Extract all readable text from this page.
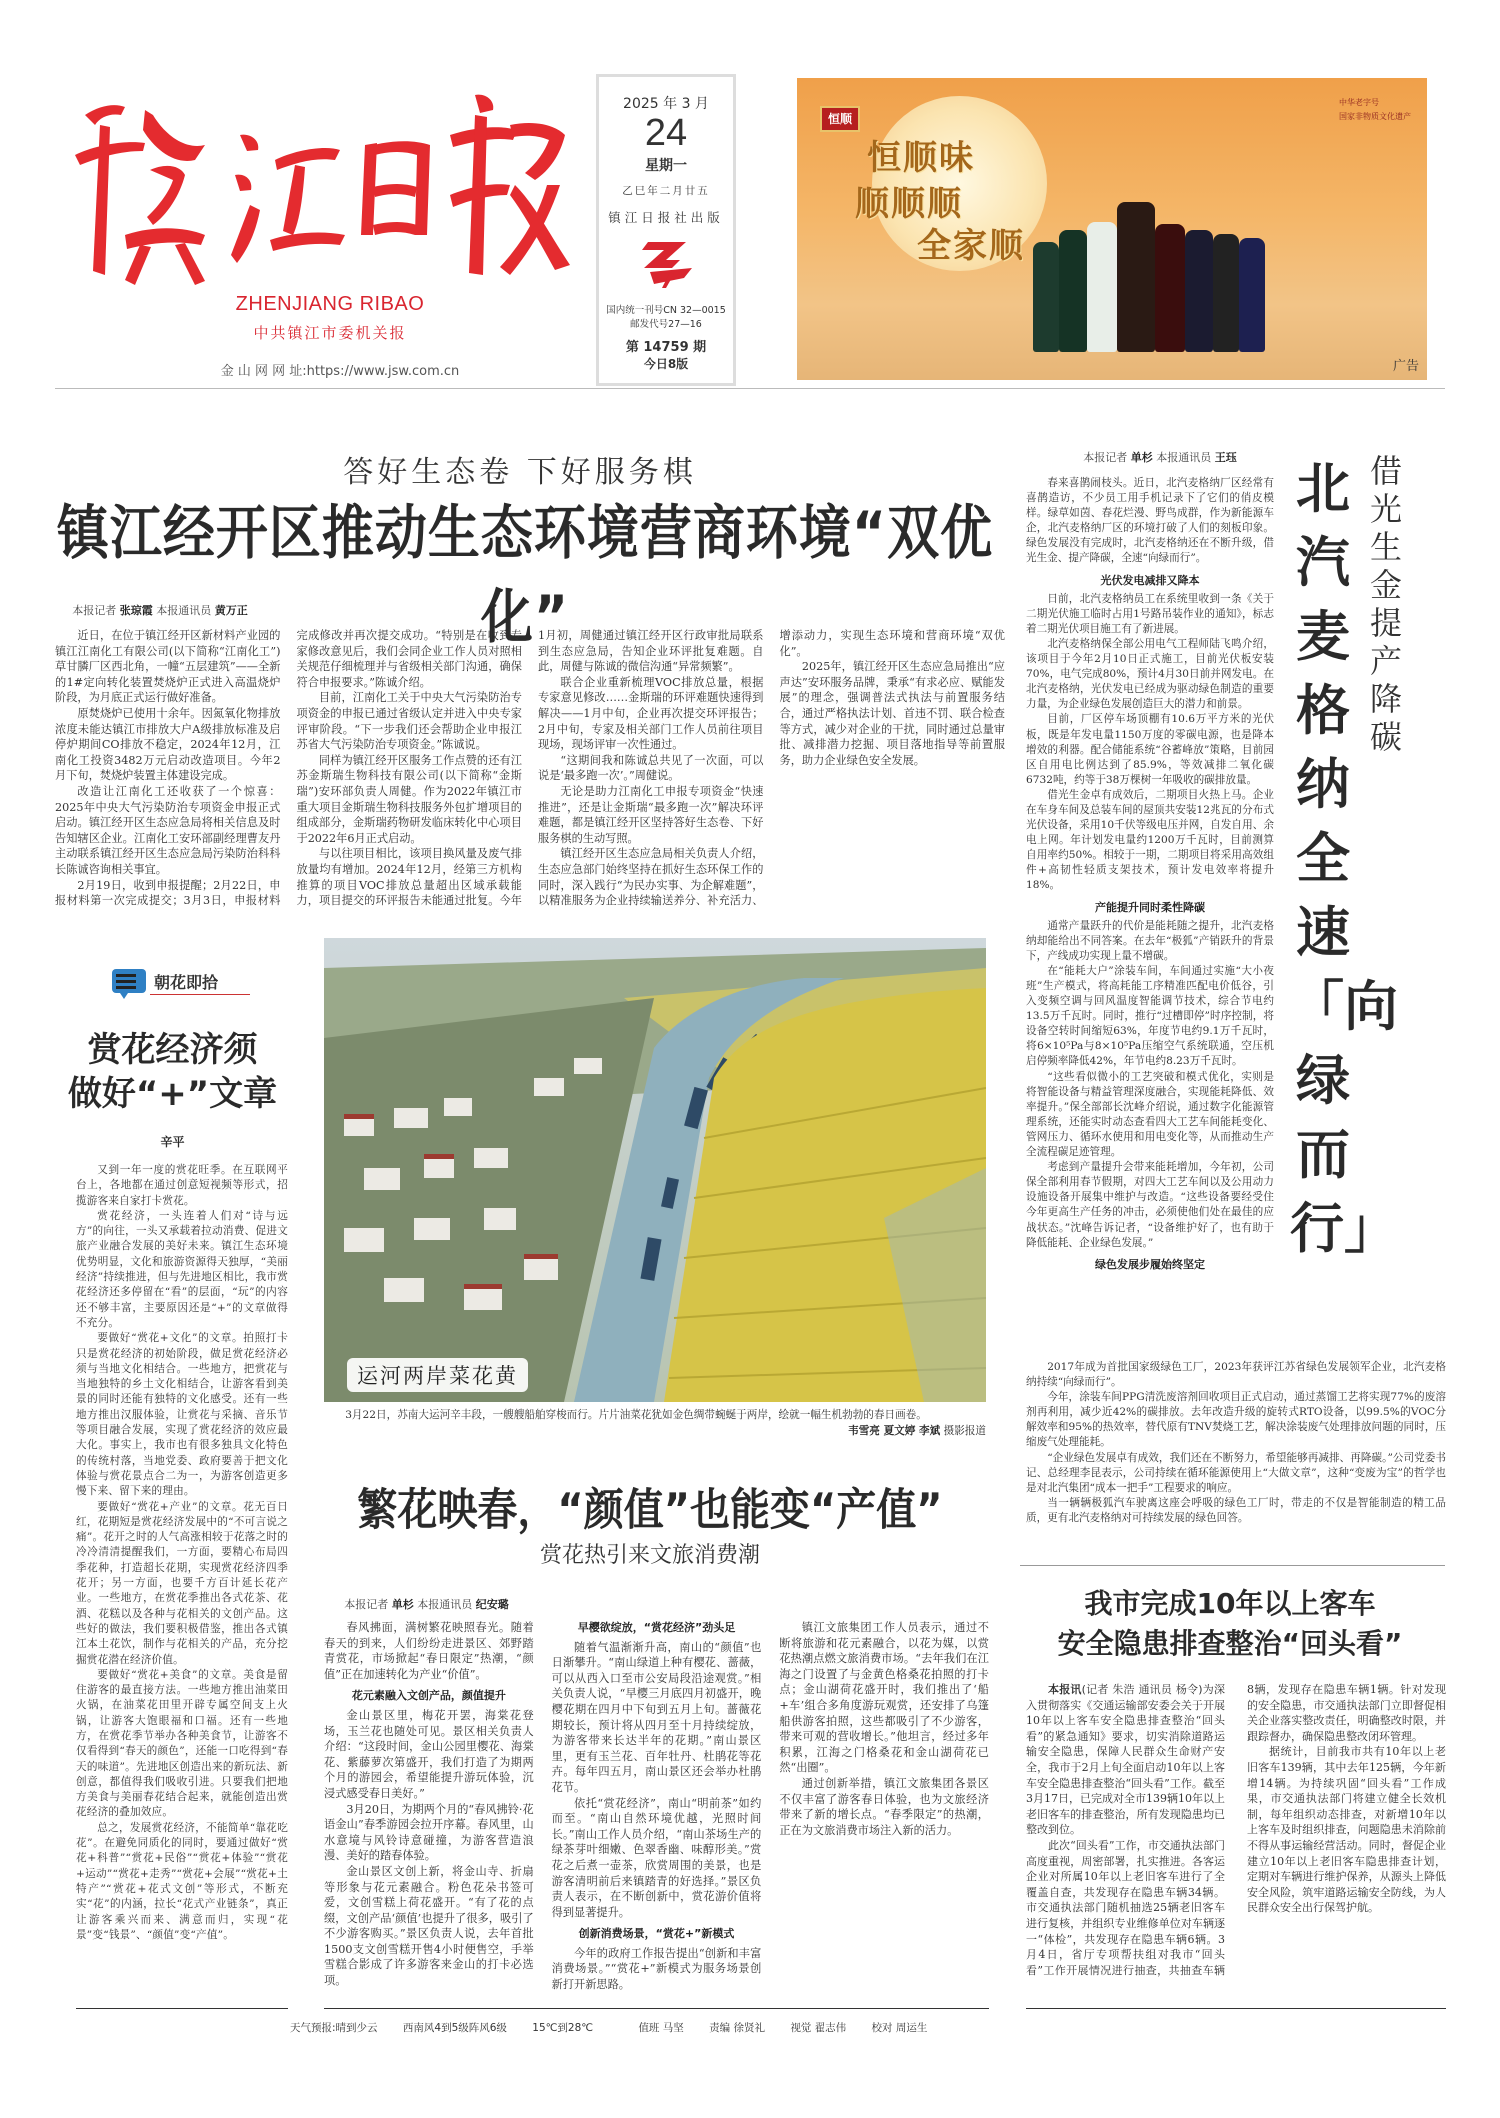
ZHENJIANG RIBAO
中共镇江市委机关报
金 山 网 网 址:https://www.jsw.com.cn
2025 年 3 月
24
星期一
乙巳年二月廿五
镇江日报社出版
国内统一刊号CN 32—0015
邮发代号27—16
第 14759 期
今日8版
恒顺
恒顺味
顺顺顺
全家顺
中华老字号
国家非物质文化遗产
广告
答好生态卷 下好服务棋
镇江经开区推动生态环境营商环境“双优化”
本报记者 张琼霞 本报通讯员 黄万正

近日，在位于镇江经开区新材料产业园的镇江江南化工有限公司(以下简称“江南化工”)草甘膦厂区西北角，一幢“五层建筑”——全新的1#定向转化装置焚烧炉正式进入高温烧炉阶段，为月底正式运行做好准备。

原焚烧炉已使用十余年。因氮氧化物排放浓度未能达镇江市排放大户A级排放标准及启停炉期间CO排放不稳定，2024年12月，江南化工投资3482万元启动改造项目。今年2月下旬，焚烧炉装置主体建设完成。

改造让江南化工还收获了一个惊喜：2025年中央大气污染防治专项资金申报正式启动。镇江经开区生态应急局将相关信息及时告知辖区企业。江南化工安环部副经理曹友丹主动联系镇江经开区生态应急局污染防治科科长陈诚咨询相关事宜。

2月19日，收到申报提醒；2月22日，申报材料第一次完成提交；3月3日，申报材料完成修改并再次提交成功。“特别是在收到专家修改意见后，我们会同企业工作人员对照相关规范仔细梳理并与省级相关部门沟通，确保符合申报要求。”陈诚介绍。

目前，江南化工关于中央大气污染防治专项资金的申报已通过省级认定并进入中央专家评审阶段。“下一步我们还会帮助企业申报江苏省大气污染防治专项资金。”陈诚说。

同样为镇江经开区服务工作点赞的还有江苏金斯瑞生物科技有限公司(以下简称“金斯瑞”)安环部负责人周健。作为2022年镇江市重大项目金斯瑞生物科技服务外包扩增项目的组成部分，金斯瑞药物研发临床转化中心项目于2022年6月正式启动。

与以往项目相比，该项目换风量及废气排放量均有增加。2024年12月，经第三方机构推算的项目VOC排放总量超出区域承载能力，项目提交的环评报告未能通过批复。今年1月初，周健通过镇江经开区行政审批局联系到生态应急局，告知企业环评批复难题。自此，周健与陈诚的微信沟通“异常频繁”。

联合企业重新梳理VOC排放总量，根据专家意见修改……金斯瑞的环评难题快速得到解决——1月中旬，企业再次提交环评报告；2月中旬，专家及相关部门工作人员前往项目现场，现场评审一次性通过。

“这期间我和陈诚总共见了一次面，可以说是‘最多跑一次’。”周健说。

无论是助力江南化工申报专项资金“快速推进”，还是让金斯瑞“最多跑一次”解决环评难题，都是镇江经开区坚持答好生态卷、下好服务棋的生动写照。

镇江经开区生态应急局相关负责人介绍，生态应急部门始终坚持在抓好生态环保工作的同时，深入践行“为民办实事、为企解难题”，以精准服务为企业持续输送养分、补充活力、增添动力，实现生态环境和营商环境“双优化”。

2025年，镇江经开区生态应急局推出“应声达”安环服务品牌，秉承“有求必应、赋能发展”的理念，强调普法式执法与前置服务结合，通过严格执法计划、首违不罚、联合检查等方式，减少对企业的干扰，同时通过总量审批、减排潜力挖掘、项目落地指导等前置服务，助力企业绿色安全发展。

朝花即拾
赏花经济须
做好“+”文章
辛平

又到一年一度的赏花旺季。在互联网平台上，各地都在通过创意短视频等形式，招揽游客来自家打卡赏花。

赏花经济，一头连着人们对“诗与远方”的向往，一头又承载着拉动消费、促进文旅产业融合发展的美好未来。镇江生态环境优势明显，文化和旅游资源得天独厚，“美丽经济”持续推进，但与先进地区相比，我市赏花经济还多停留在“看”的层面，“玩”的内容还不够丰富，主要原因还是“+”的文章做得不充分。

要做好“赏花+文化”的文章。拍照打卡只是赏花经济的初始阶段，做足赏花经济必须与当地文化相结合。一些地方，把赏花与当地独特的乡土文化相结合，让游客看到美景的同时还能有独特的文化感受。还有一些地方推出汉服体验，让赏花与采摘、音乐节等项目融合发展，实现了赏花经济的效应最大化。事实上，我市也有很多独具文化特色的传统村落，当地党委、政府要善于把文化体验与赏花景点合二为一，为游客创造更多慢下来、留下来的理由。

要做好“赏花+产业”的文章。花无百日红，花期短是赏花经济发展中的“不可言说之痛”。花开之时的人气高涨相较于花落之时的冷冷清清提醒我们，一方面，要精心布局四季花种，打造超长花期，实现赏花经济四季花开；另一方面，也要千方百计延长花产业。一些地方，在赏花季推出各式花茶、花酒、花糕以及各种与花相关的文创产品。这些好的做法，我们要积极借鉴，推出各式镇江本土花饮，制作与花相关的产品，充分挖掘赏花潜在经济价值。

要做好“赏花+美食”的文章。美食是留住游客的最直接方法。一些地方推出油菜田火锅，在油菜花田里开辟专属空间支上火锅，让游客大饱眼福和口福。还有一些地方，在赏花季节举办各种美食节，让游客不仅看得到“春天的颜色”，还能一口吃得到“春天的味道”。先进地区创造出来的新玩法、新创意，都值得我们吸收引进。只要我们把地方美食与美丽春花结合起来，就能创造出赏花经济的叠加效应。

总之，发展赏花经济，不能简单“靠花吃花”。在避免同质化的同时，要通过做好“赏花+科普”“赏花+民俗”“赏花+体验”“赏花+运动”“赏花+走秀”“赏花+会展”“赏花+土特产”“赏花+花式文创”等形式，不断充实“花”的内涵，拉长“花式产业链条”，真正让游客乘兴而来、满意而归，实现“花景”变“钱景”、“颜值”变“产值”。

运河两岸菜花黄

3月22日，苏南大运河辛丰段，一艘艘船舶穿梭而行。片片油菜花犹如金色绸带蜿蜒于两岸，绘就一幅生机勃勃的春日画卷。

韦雪亮 夏文婷 李斌 摄影报道
繁花映春，“颜值”也能变“产值”
赏花热引来文旅消费潮
本报记者 单杉 本报通讯员 纪安璐

春风拂面，满树繁花映照春光。随着春天的到来，人们纷纷走进景区、郊野踏青赏花，市场掀起“春日限定”热潮，“颜值”正在加速转化为产业“价值”。

花元素融入文创产品，颜值提升

金山景区里，梅花开罢，海棠花登场，玉兰花也随处可见。景区相关负责人介绍：“这段时间，金山公园里樱花、海棠花、紫藤萝次第盛开，我们打造了为期两个月的游园会，希望能提升游玩体验，沉浸式感受春日美好。”

3月20日，为期两个月的“春风拂铃·花语金山”春季游园会拉开序幕。春风里，山水意境与风铃诗意碰撞，为游客营造浪漫、美好的踏春体验。

金山景区文创上新，将金山寺、折扇等形象与花元素融合。粉色花朵书签可爱，文创雪糕上荷花盛开。“有了花的点缀，文创产品‘颜值’也提升了很多，吸引了不少游客购买。”景区负责人说，去年首批1500支文创雪糕开售4小时便售空，手举雪糕合影成了许多游客来金山的打卡必选项。

早樱欲绽放，“赏花经济”劲头足

随着气温渐渐升高，南山的“颜值”也日渐攀升。“南山绿道上种有樱花、蔷薇，可以从西入口至市公安局段沿途观赏。”相关负责人说，“早樱三月底四月初盛开，晚樱花期在四月中下旬到五月上旬。蔷薇花期较长，预计将从四月至十月持续绽放，为游客带来长达半年的花期。”南山景区里，更有玉兰花、百年牡丹、杜鹃花等花卉。每年四五月，南山景区还会举办杜鹃花节。

依托“赏花经济”，南山“明前茶”如约而至。“南山自然环境优越，光照时间长。”南山工作人员介绍，“南山茶场生产的绿茶芽叶细嫩、色翠香幽、味醇形美。”赏花之后煮一壶茶，欣赏周围的美景，也是游客清明前后来镇踏青的好选择。”景区负责人表示，在不断创新中，赏花游价值将得到显著提升。

创新消费场景，“赏花+”新模式

今年的政府工作报告提出“创新和丰富消费场景。”“赏花+”新模式为服务场景创新打开新思路。

镇江文旅集团工作人员表示，通过不断将旅游和花元素融合，以花为媒，以赏花热潮点燃文旅消费市场。“去年我们在江海之门设置了与金黄色格桑花拍照的打卡点；金山湖荷花盛开时，我们推出了‘船+车’组合多角度游玩观赏，还安排了乌篷船供游客拍照，这些都吸引了不少游客，带来可观的营收增长。”他坦言，经过多年积累，江海之门格桑花和金山湖荷花已然“出圈”。

通过创新举措，镇江文旅集团各景区不仅丰富了游客春日体验，也为文旅经济带来了新的增长点。“春季限定”的热潮，正在为文旅消费市场注入新的活力。

本报记者 单杉 本报通讯员 王珏	北汽麦格纳全速「向绿而行」
借光生金 提产降碳

春来喜鹊闹枝头。近日，北汽麦格纳厂区经常有喜鹊造访，不少员工用手机记录下了它们的俏皮模样。绿草如茵、春花烂漫、野鸟成群，作为新能源车企，北汽麦格纳厂区的环境打破了人们的刻板印象。绿色发展没有完成时，北汽麦格纳还在不断升级，借光生金、提产降碳，全速“向绿而行”。

光伏发电减排又降本

日前，北汽麦格纳员工在系统里收到一条《关于二期光伏施工临时占用1号路吊装作业的通知》，标志着二期光伏项目施工有了新进展。

北汽麦格纳保全部公用电气工程师陆飞鸣介绍，该项目于今年2月10日正式施工，目前光伏板安装70%，电气完成80%，预计4月30日前并网发电。在北汽麦格纳，光伏发电已经成为驱动绿色制造的重要力量，为企业绿色发展创造巨大的潜力和前景。

目前，厂区停车场顶棚有10.6万平方米的光伏板，既是年发电量1150万度的零碳电源，也是降本增效的利器。配合储能系统“谷蓄峰放”策略，目前园区自用电比例达到了85.9%，等效减排二氧化碳6732吨，约等于38万棵树一年吸收的碳排放量。

借光生金卓有成效后，二期项目火热上马。企业在车身车间及总装车间的屋顶共安装12兆瓦的分布式光伏设备，采用10千伏等级电压并网，自发自用、余电上网。年计划发电量约1200万千瓦时，目前测算自用率约50%。相较于一期，二期项目将采用高效组件+高韧性轻质支架技术，预计发电效率将提升18%。

产能提升同时柔性降碳

通常产量跃升的代价是能耗随之提升，北汽麦格纳却能给出不同答案。在去年“极狐”产销跃升的背景下，产线成功实现上量不增碳。

在“能耗大户”涂装车间，车间通过实施“大小夜班”生产模式，将高耗能工序精准匹配电价低谷，引入变频空调与回风温度智能调节技术，综合节电约13.5万千瓦时。同时，推行“过槽即停”时序控制，将设备空转时间缩短63%，年度节电约9.1万千瓦时，将6×10⁵Pa与8×10⁵Pa压缩空气系统联通，空压机启停频率降低42%，年节电约8.23万千瓦时。

“这些看似微小的工艺突破和模式优化，实则是将智能设备与精益管理深度融合，实现能耗降低、效率提升。”保全部部长沈峰介绍说，通过数字化能源管理系统，还能实时动态查看四大工艺车间能耗变化、管网压力、循环水使用和用电变化等，从而推动生产全流程碳足迹管理。

考虑到产量提升会带来能耗增加，今年初，公司保全部利用春节假期，对四大工艺车间以及公用动力设施设备开展集中维护与改造。“这些设备要经受住今年更高生产任务的冲击，必须使他们处在最佳的应战状态。”沈峰告诉记者，“设备维护好了，也有助于降低能耗、企业绿色发展。”

绿色发展步履始终坚定

2017年成为首批国家级绿色工厂，2023年获评江苏省绿色发展领军企业，北汽麦格纳持续“向绿而行”。

今年，涂装车间PPG清洗废溶剂回收项目正式启动，通过蒸馏工艺将实现77%的废溶剂再利用，减少近42%的碳排放。去年改造升级的旋转式RTO设备，以99.5%的VOC分解效率和95%的热效率，替代原有TNV焚烧工艺，解决涂装废气处理排放问题的同时，压缩废气处理能耗。

“企业绿色发展卓有成效，我们还在不断努力，希望能够再减排、再降碳。”公司党委书记、总经理李昆表示，公司持续在循环能源使用上“大做文章”，这种“变废为宝”的哲学也是对北汽集团“成本一把手”工程要求的响应。

当一辆辆极狐汽车驶离这座会呼吸的绿色工厂时，带走的不仅是智能制造的精工品质，更有北汽麦格纳对可持续发展的绿色回答。

我市完成10年以上客车
安全隐患排查整治“回头看”

本报讯(记者 朱浩 通讯员 杨令)为深入贯彻落实《交通运输部安委会关于开展10年以上客车安全隐患排查整治“回头看”的紧急通知》要求，切实消除道路运输安全隐患，保障人民群众生命财产安全，我市于2月上旬全面启动10年以上客车安全隐患排查整治“回头看”工作。截至3月17日，已完成对全市139辆10年以上老旧客车的排查整治，所有发现隐患均已整改到位。

此次“回头看”工作，市交通执法部门高度重视，周密部署，扎实推进。各客运企业对所属10年以上老旧客车进行了全覆盖自查，共发现存在隐患车辆34辆。市交通执法部门随机抽选25辆老旧客车进行复核，并组织专业维修单位对车辆逐一“体检”，共发现存在隐患车辆6辆。3月4日，省厅专项帮扶组对我市“回头看”工作开展情况进行抽查，共抽查车辆8辆，发现存在隐患车辆1辆。针对发现的安全隐患，市交通执法部门立即督促相关企业落实整改责任，明确整改时限，并跟踪督办，确保隐患整改闭环管理。

据统计，目前我市共有10年以上老旧客车139辆，其中去年125辆，今年新增14辆。为持续巩固“回头看”工作成果，市交通执法部门将建立健全长效机制，每年组织动态排查，对新增10年以上客车及时组织排查，问题隐患未消除前不得从事运输经营活动。同时，督促企业建立10年以上老旧客车隐患排查计划，定期对车辆进行维护保养，从源头上降低安全风险，筑牢道路运输安全防线，为人民群众安全出行保驾护航。

天气预报:晴到少云 西南风4到5级阵风6级 15℃到28℃	值班 马坚 责编 徐贤礼 视觉 翟志伟 校对 周运生
